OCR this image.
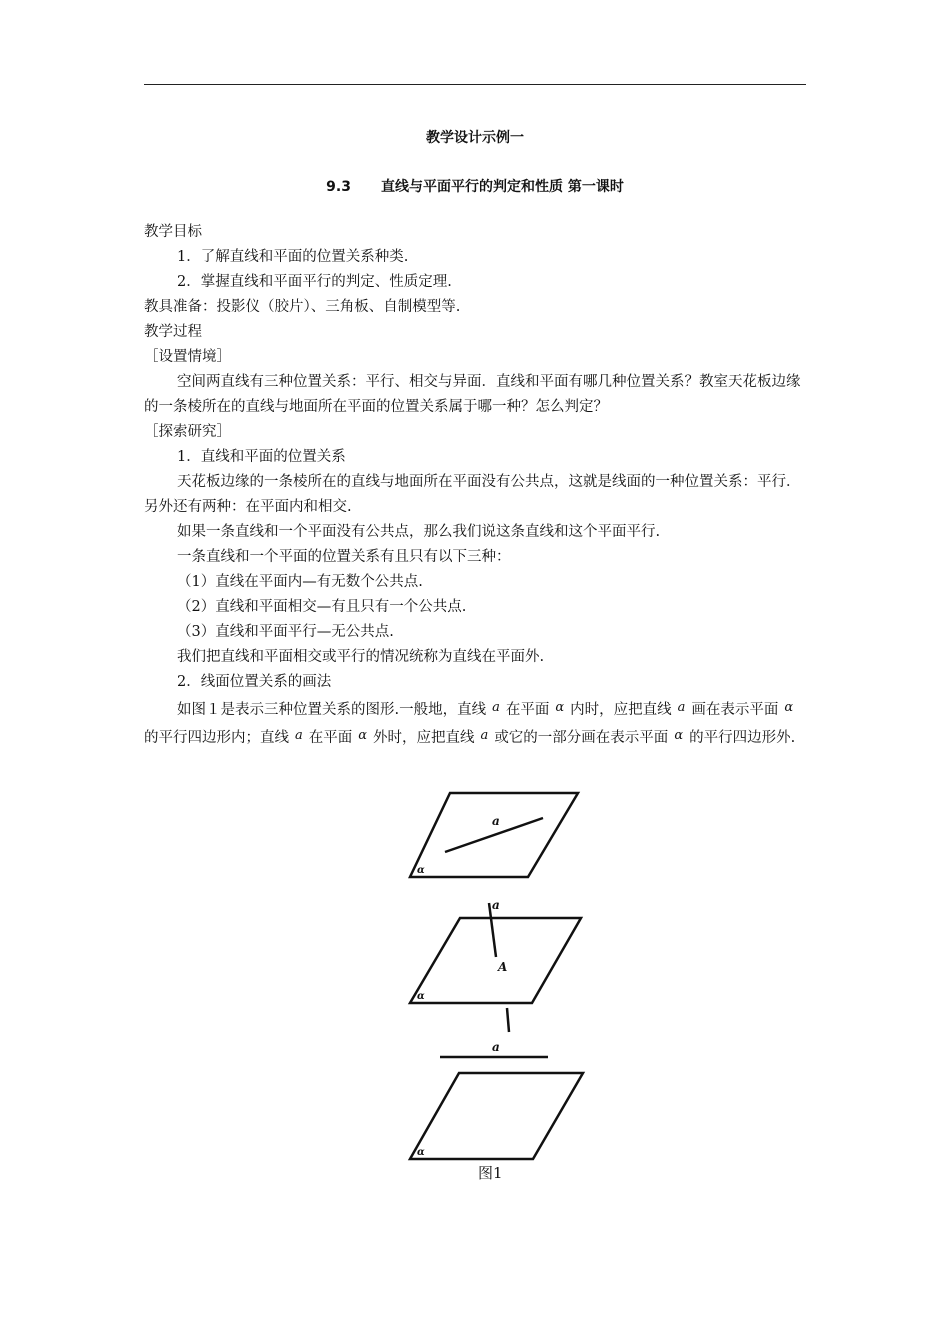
教学设计示例一
9.3 直线与平面平行的判定和性质 第一课时

教学目标

1．了解直线和平面的位置关系种类.

2．掌握直线和平面平行的判定、性质定理.

教具准备：投影仪（胶片）、三角板、自制模型等.

教学过程

［设置情境］

空间两直线有三种位置关系：平行、相交与异面．直线和平面有哪几种位置关系？教室天花板边缘的一条棱所在的直线与地面所在平面的位置关系属于哪一种？怎么判定？

［探索研究］

1．直线和平面的位置关系

天花板边缘的一条棱所在的直线与地面所在平面没有公共点，这就是线面的一种位置关系：平行．另外还有两种：在平面内和相交.

如果一条直线和一个平面没有公共点，那么我们说这条直线和这个平面平行.

一条直线和一个平面的位置关系有且只有以下三种：

（1）直线在平面内—有无数个公共点.

（2）直线和平面相交—有且只有一个公共点.

（3）直线和平面平行—无公共点.

我们把直线和平面相交或平行的情况统称为直线在平面外.

2．线面位置关系的画法

如图１是表示三种位置关系的图形.一般地，直线 a 在平面 α 内时，应把直线 a 画在表示平面 α的平行四边形内；直线 a 在平面 α 外时，应把直线 a 或它的一部分画在表示平面 α 的平行四边形外.

a
α
a
A
α
a
α
图1
